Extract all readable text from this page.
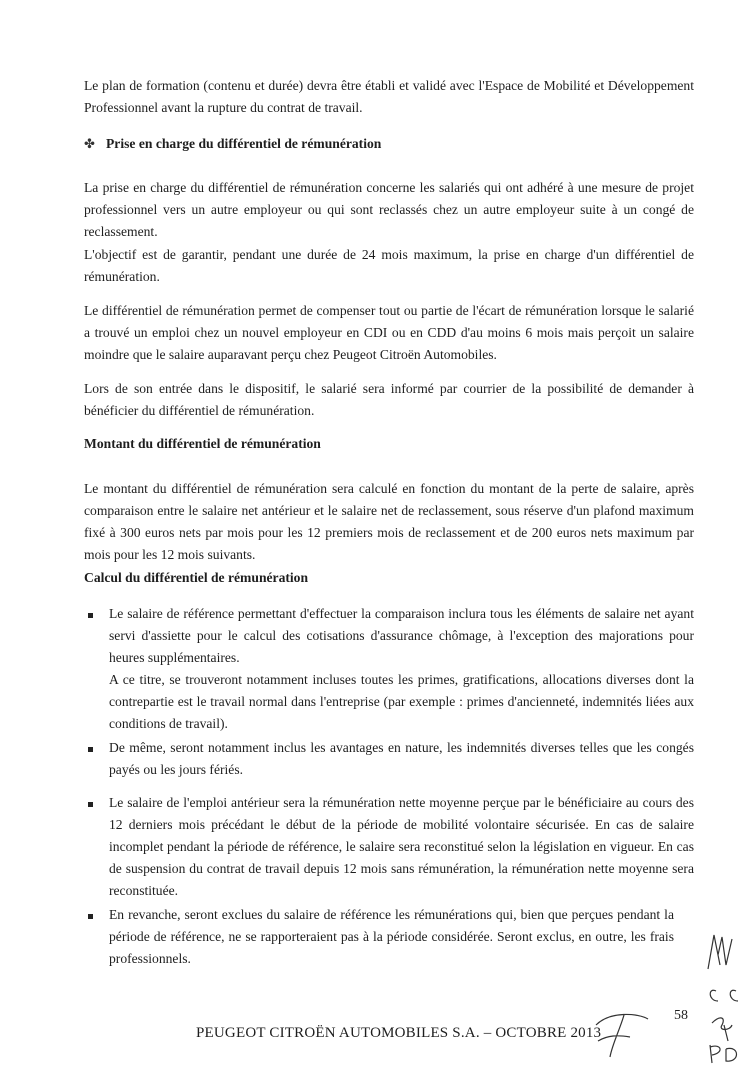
Le plan de formation (contenu et durée) devra être établi et validé avec l'Espace de Mobilité et Développement Professionnel avant la rupture du contrat de travail.

✤ Prise en charge du différentiel de rémunération

La prise en charge du différentiel de rémunération concerne les salariés qui ont adhéré à une mesure de projet professionnel vers un autre employeur ou qui sont reclassés chez un autre employeur suite à un congé de reclassement.

L'objectif est de garantir, pendant une durée de 24 mois maximum, la prise en charge d'un différentiel de rémunération.

Le différentiel de rémunération permet de compenser tout ou partie de l'écart de rémunération lorsque le salarié a trouvé un emploi chez un nouvel employeur en CDI ou en CDD d'au moins 6 mois mais perçoit un salaire moindre que le salaire auparavant perçu chez Peugeot Citroën Automobiles.

Lors de son entrée dans le dispositif, le salarié sera informé par courrier de la possibilité de demander à bénéficier du différentiel de rémunération.

Montant du différentiel de rémunération

Le montant du différentiel de rémunération sera calculé en fonction du montant de la perte de salaire, après comparaison entre le salaire net antérieur et le salaire net de reclassement, sous réserve d'un plafond maximum fixé à 300 euros nets par mois pour les 12 premiers mois de reclassement et de 200 euros nets maximum par mois pour les 12 mois suivants.

Calcul du différentiel de rémunération

Le salaire de référence permettant d'effectuer la comparaison inclura tous les éléments de salaire net ayant servi d'assiette pour le calcul des cotisations d'assurance chômage, à l'exception des majorations pour heures supplémentaires.

A ce titre, se trouveront notamment incluses toutes les primes, gratifications, allocations diverses dont la contrepartie est le travail normal dans l'entreprise (par exemple : primes d'ancienneté, indemnités liées aux conditions de travail).

De même, seront notamment inclus les avantages en nature, les indemnités diverses telles que les congés payés ou les jours fériés.

Le salaire de l'emploi antérieur sera la rémunération nette moyenne perçue par le bénéficiaire au cours des 12 derniers mois précédant le début de la période de mobilité volontaire sécurisée. En cas de salaire incomplet pendant la période de référence, le salaire sera reconstitué selon la législation en vigueur. En cas de suspension du contrat de travail depuis 12 mois sans rémunération, la rémunération nette moyenne sera reconstituée.

En revanche, seront exclues du salaire de référence les rémunérations qui, bien que perçues pendant la période de référence, ne se rapporteraient pas à la période considérée. Seront exclus, en outre, les frais professionnels.

58
PEUGEOT CITROËN AUTOMOBILES S.A. – OCTOBRE 2013
